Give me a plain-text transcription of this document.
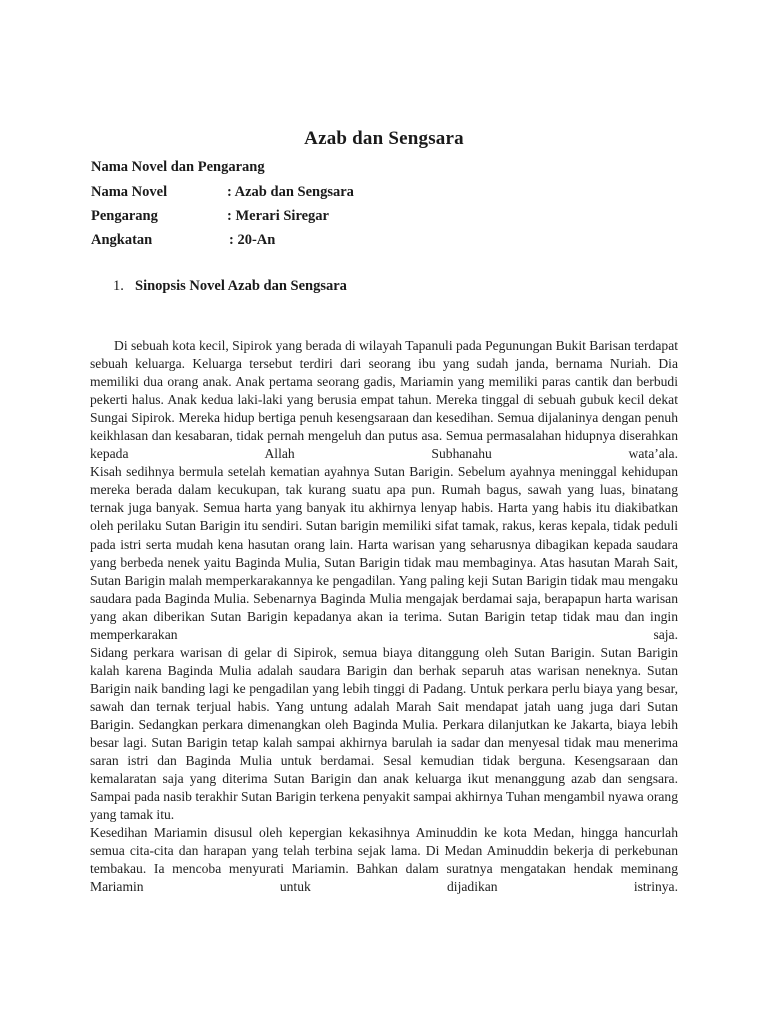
Azab dan Sengsara
Nama Novel dan Pengarang
Nama Novel	: Azab dan Sengsara
Pengarang	: Merari Siregar
Angkatan	: 20-An
1. Sinopsis Novel Azab dan Sengsara

Di sebuah kota kecil, Sipirok yang berada di wilayah Tapanuli pada Pegunungan Bukit Barisan terdapat sebuah keluarga. Keluarga tersebut terdiri dari seorang ibu yang sudah janda, bernama Nuriah. Dia memiliki dua orang anak. Anak pertama seorang gadis, Mariamin yang memiliki paras cantik dan berbudi pekerti halus. Anak kedua laki-laki yang berusia empat tahun. Mereka tinggal di sebuah gubuk kecil dekat Sungai Sipirok. Mereka hidup bertiga penuh kesengsaraan dan kesedihan. Semua dijalaninya dengan penuh keikhlasan dan kesabaran, tidak pernah mengeluh dan putus asa. Semua permasalahan hidupnya diserahkan kepada Allah Subhanahu wata’ala.

Kisah sedihnya bermula setelah kematian ayahnya Sutan Barigin. Sebelum ayahnya meninggal kehidupan mereka berada dalam kecukupan, tak kurang suatu apa pun. Rumah bagus, sawah yang luas, binatang ternak juga banyak. Semua harta yang banyak itu akhirnya lenyap habis. Harta yang habis itu diakibatkan oleh perilaku Sutan Barigin itu sendiri. Sutan barigin memiliki sifat tamak, rakus, keras kepala, tidak peduli pada istri serta mudah kena hasutan orang lain. Harta warisan yang seharusnya dibagikan kepada saudara yang berbeda nenek yaitu Baginda Mulia, Sutan Barigin tidak mau membaginya. Atas hasutan Marah Sait, Sutan Barigin malah memperkarakannya ke pengadilan. Yang paling keji Sutan Barigin tidak mau mengaku saudara pada Baginda Mulia. Sebenarnya Baginda Mulia mengajak berdamai saja, berapapun harta warisan yang akan diberikan Sutan Barigin kepadanya akan ia terima. Sutan Barigin tetap tidak mau dan ingin memperkarakan saja.

Sidang perkara warisan di gelar di Sipirok, semua biaya ditanggung oleh Sutan Barigin. Sutan Barigin kalah karena Baginda Mulia adalah saudara Barigin dan berhak separuh atas warisan neneknya. Sutan Barigin naik banding lagi ke pengadilan yang lebih tinggi di Padang. Untuk perkara perlu biaya yang besar, sawah dan ternak terjual habis. Yang untung adalah Marah Sait mendapat jatah uang juga dari Sutan Barigin. Sedangkan perkara dimenangkan oleh Baginda Mulia. Perkara dilanjutkan ke Jakarta, biaya lebih besar lagi. Sutan Barigin tetap kalah sampai akhirnya barulah ia sadar dan menyesal tidak mau menerima saran istri dan Baginda Mulia untuk berdamai. Sesal kemudian tidak berguna. Kesengsaraan dan kemalaratan saja yang diterima Sutan Barigin dan anak keluarga ikut menanggung azab dan sengsara. Sampai pada nasib terakhir Sutan Barigin terkena penyakit sampai akhirnya Tuhan mengambil nyawa orang yang tamak itu.

Kesedihan Mariamin disusul oleh kepergian kekasihnya Aminuddin ke kota Medan, hingga hancurlah semua cita-cita dan harapan yang telah terbina sejak lama. Di Medan Aminuddin bekerja di perkebunan tembakau. Ia mencoba menyurati Mariamin. Bahkan dalam suratnya mengatakan hendak meminang Mariamin untuk dijadikan istrinya.
